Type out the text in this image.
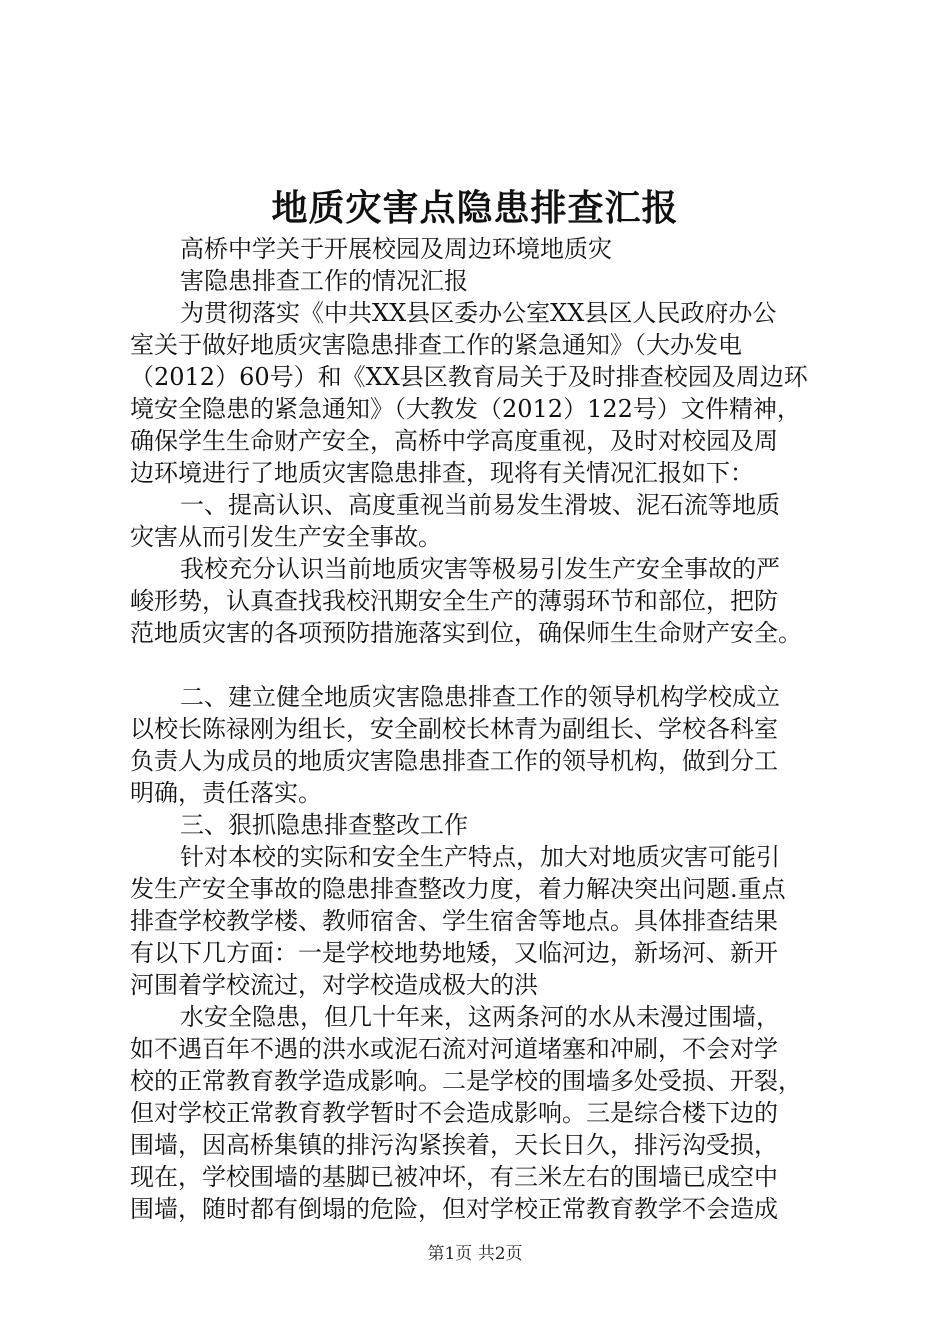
地质灾害点隐患排查汇报
高桥中学关于开展校园及周边环境地质灾
害隐患排查工作的情况汇报
为贯彻落实《中共XX县区委办公室XX县区人民政府办公
室关于做好地质灾害隐患排查工作的紧急通知》（大办发电
（2012）60号）和《XX县区教育局关于及时排查校园及周边环
境安全隐患的紧急通知》（大教发（2012）122号）文件精神，
确保学生生命财产安全，高桥中学高度重视，及时对校园及周
边环境进行了地质灾害隐患排查，现将有关情况汇报如下：
一、提高认识、高度重视当前易发生滑坡、泥石流等地质
灾害从而引发生产安全事故。
我校充分认识当前地质灾害等极易引发生产安全事故的严
峻形势，认真查找我校汛期安全生产的薄弱环节和部位，把防
范地质灾害的各项预防措施落实到位，确保师生生命财产安全。
二、建立健全地质灾害隐患排查工作的领导机构学校成立
以校长陈禄刚为组长，安全副校长林青为副组长、学校各科室
负责人为成员的地质灾害隐患排查工作的领导机构，做到分工
明确，责任落实。
三、狠抓隐患排查整改工作
针对本校的实际和安全生产特点，加大对地质灾害可能引
发生产安全事故的隐患排查整改力度，着力解决突出问题.重点
排查学校教学楼、教师宿舍、学生宿舍等地点。具体排查结果
有以下几方面：一是学校地势地矮，又临河边，新场河、新开
河围着学校流过，对学校造成极大的洪
水安全隐患，但几十年来，这两条河的水从未漫过围墙，
如不遇百年不遇的洪水或泥石流对河道堵塞和冲刷，不会对学
校的正常教育教学造成影响。二是学校的围墙多处受损、开裂，
但对学校正常教育教学暂时不会造成影响。三是综合楼下边的
围墙，因高桥集镇的排污沟紧挨着，天长日久，排污沟受损，
现在，学校围墙的基脚已被冲坏，有三米左右的围墙已成空中
围墙，随时都有倒塌的危险，但对学校正常教育教学不会造成
第1页 共2页
